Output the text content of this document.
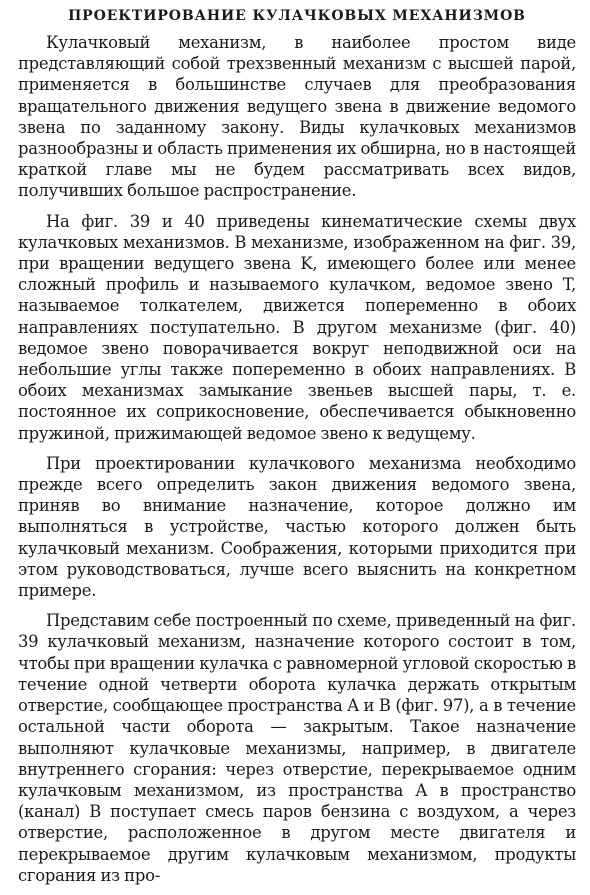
ПРОЕКТИРОВАНИЕ КУЛАЧКОВЫХ МЕХАНИЗМОВ

Кулачковый механизм, в наиболее простом виде представляющий собой трехзвенный механизм с высшей парой, применяется в большинстве случаев для преобразования вращательного движения ведущего звена в движение ведомого звена по заданному закону. Виды кулачковых механизмов разнообразны и область применения их обширна, но в настоящей краткой главе мы не будем рассматривать всех видов, получивших большое распространение.

На фиг. 39 и 40 приведены кинематические схемы двух кулачковых механизмов. В механизме, изображенном на фиг. 39, при вращении ведущего звена K, имеющего более или менее сложный профиль и называемого кулачком, ведомое звено T, называемое толкателем, движется попеременно в обоих направлениях поступательно. В другом механизме (фиг. 40) ведомое звено поворачивается вокруг неподвижной оси на небольшие углы также попеременно в обоих направлениях. В обоих механизмах замыкание звеньев высшей пары, т. е. постоянное их соприкосновение, обеспечивается обыкновенно пружиной, прижимающей ведомое звено к ведущему.

При проектировании кулачкового механизма необходимо прежде всего определить закон движения ведомого звена, приняв во внимание назначение, которое должно им выполняться в устройстве, частью которого должен быть кулачковый механизм. Соображения, которыми приходится при этом руководствоваться, лучше всего выяснить на конкретном примере.

Представим себе построенный по схеме, приведенный на фиг. 39 кулачковый механизм, назначение которого состоит в том, чтобы при вращении кулачка с равномерной угловой скоростью в течение одной четверти оборота кулачка держать открытым отверстие, сообщающее пространства A и B (фиг. 97), а в течение остальной части оборота — закрытым. Такое назначение выполняют кулачковые механизмы, например, в двигателе внутреннего сгорания: через отверстие, перекрываемое одним кулачковым механизмом, из пространства A в пространство (канал) B поступает смесь паров бензина с воздухом, а через отверстие, расположенное в другом месте двигателя и перекрываемое другим кулачковым механизмом, продукты сгорания из про-
